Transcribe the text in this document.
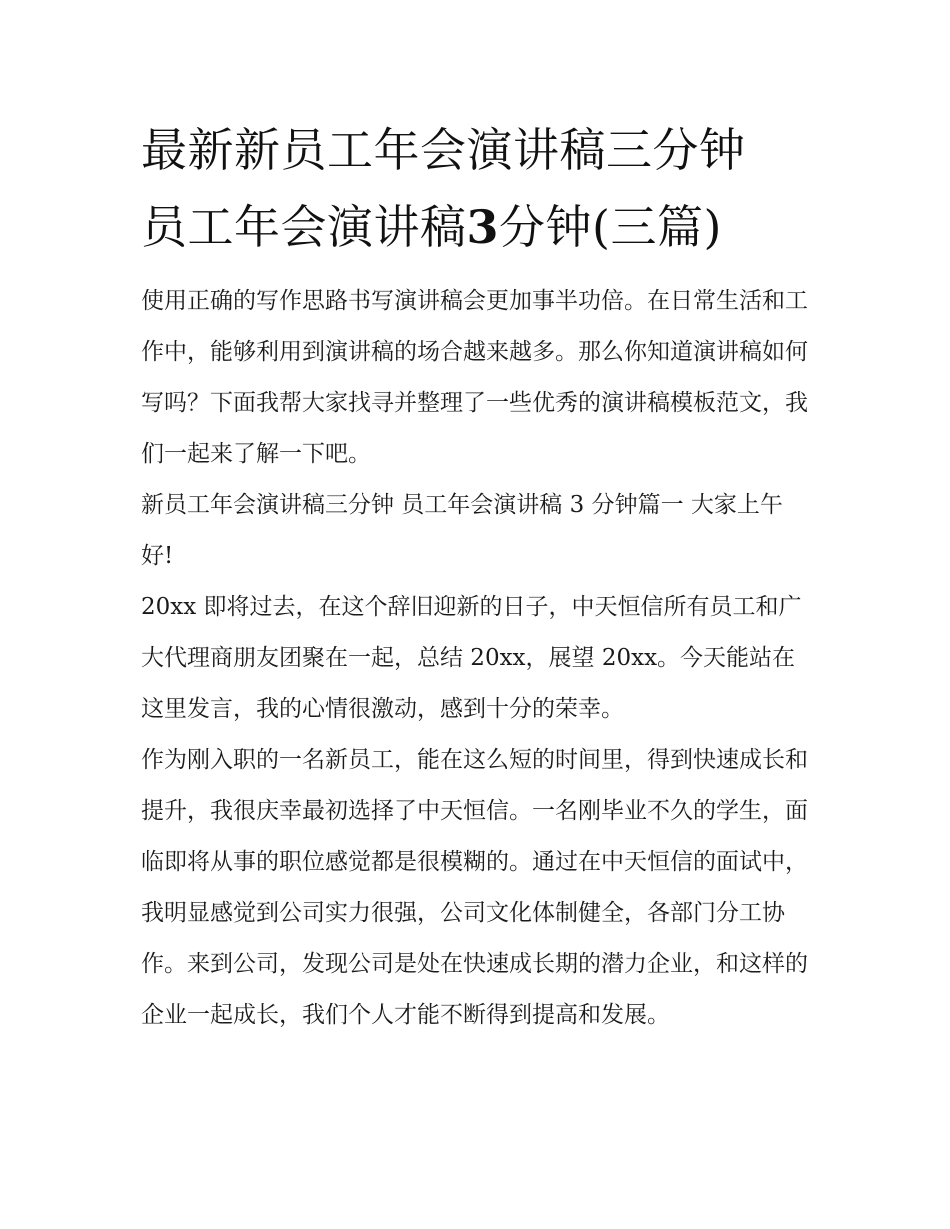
最新新员工年会演讲稿三分钟
员工年会演讲稿3分钟(三篇)

使用正确的写作思路书写演讲稿会更加事半功倍。在日常生活和工作中，能够利用到演讲稿的场合越来越多。那么你知道演讲稿如何写吗？下面我帮大家找寻并整理了一些优秀的演讲稿模板范文，我们一起来了解一下吧。

新员工年会演讲稿三分钟 员工年会演讲稿 3 分钟篇一 大家上午好!

20xx 即将过去，在这个辞旧迎新的日子，中天恒信所有员工和广大代理商朋友团聚在一起，总结 20xx，展望 20xx。今天能站在这里发言，我的心情很激动，感到十分的荣幸。

作为刚入职的一名新员工，能在这么短的时间里，得到快速成长和提升，我很庆幸最初选择了中天恒信。一名刚毕业不久的学生，面临即将从事的职位感觉都是很模糊的。通过在中天恒信的面试中，我明显感觉到公司实力很强，公司文化体制健全，各部门分工协作。来到公司，发现公司是处在快速成长期的潜力企业，和这样的企业一起成长，我们个人才能不断得到提高和发展。
